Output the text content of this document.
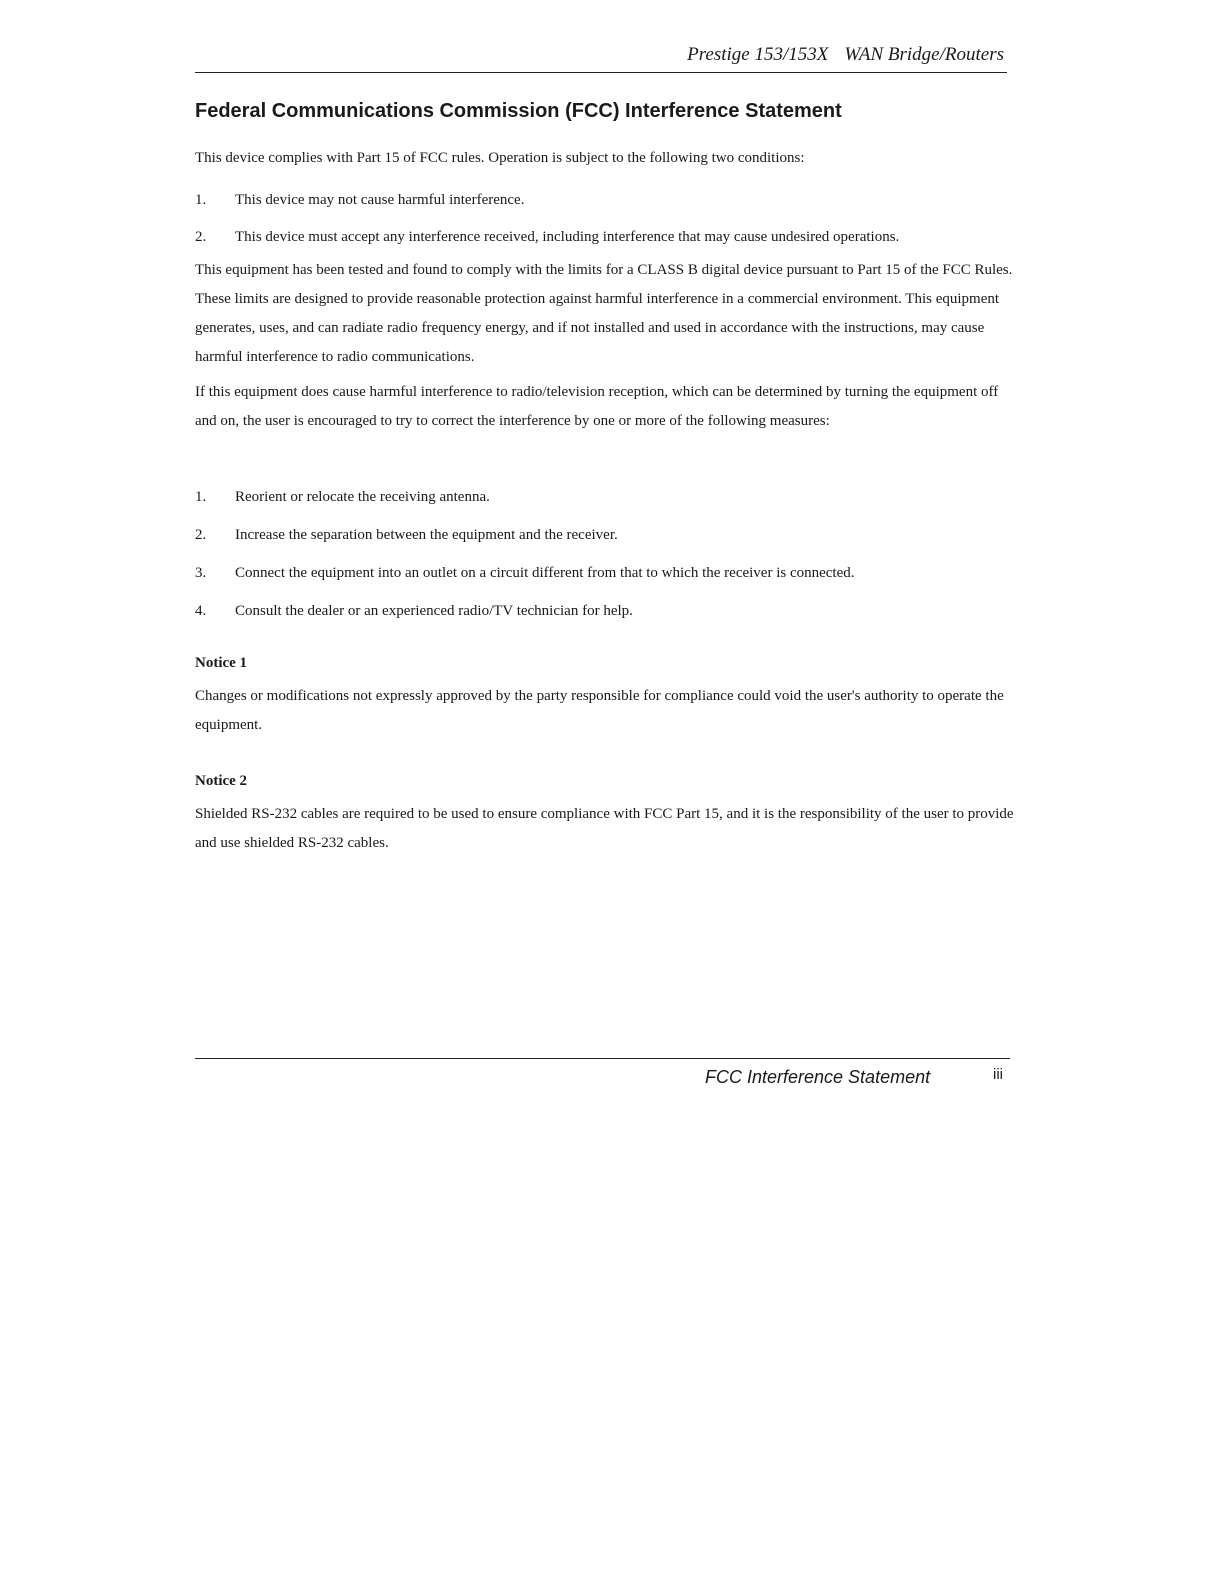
Prestige 153/153X WAN Bridge/Routers
Federal Communications Commission (FCC) Interference Statement

This device complies with Part 15 of FCC rules. Operation is subject to the following two conditions:

1. This device may not cause harmful interference.
2. This device must accept any interference received, including interference that may cause undesired operations.

This equipment has been tested and found to comply with the limits for a CLASS B digital device pursuant to Part 15 of the FCC Rules. These limits are designed to provide reasonable protection against harmful interference in a commercial environment. This equipment generates, uses, and can radiate radio frequency energy, and if not installed and used in accordance with the instructions, may cause harmful interference to radio communications.

If this equipment does cause harmful interference to radio/television reception, which can be determined by turning the equipment off and on, the user is encouraged to try to correct the interference by one or more of the following measures:

1. Reorient or relocate the receiving antenna.
2. Increase the separation between the equipment and the receiver.
3. Connect the equipment into an outlet on a circuit different from that to which the receiver is connected.
4. Consult the dealer or an experienced radio/TV technician for help.
Notice 1

Changes or modifications not expressly approved by the party responsible for compliance could void the user's authority to operate the equipment.

Notice 2

Shielded RS-232 cables are required to be used to ensure compliance with FCC Part 15, and it is the responsibility of the user to provide and use shielded RS-232 cables.

FCC Interference Statement	iii
